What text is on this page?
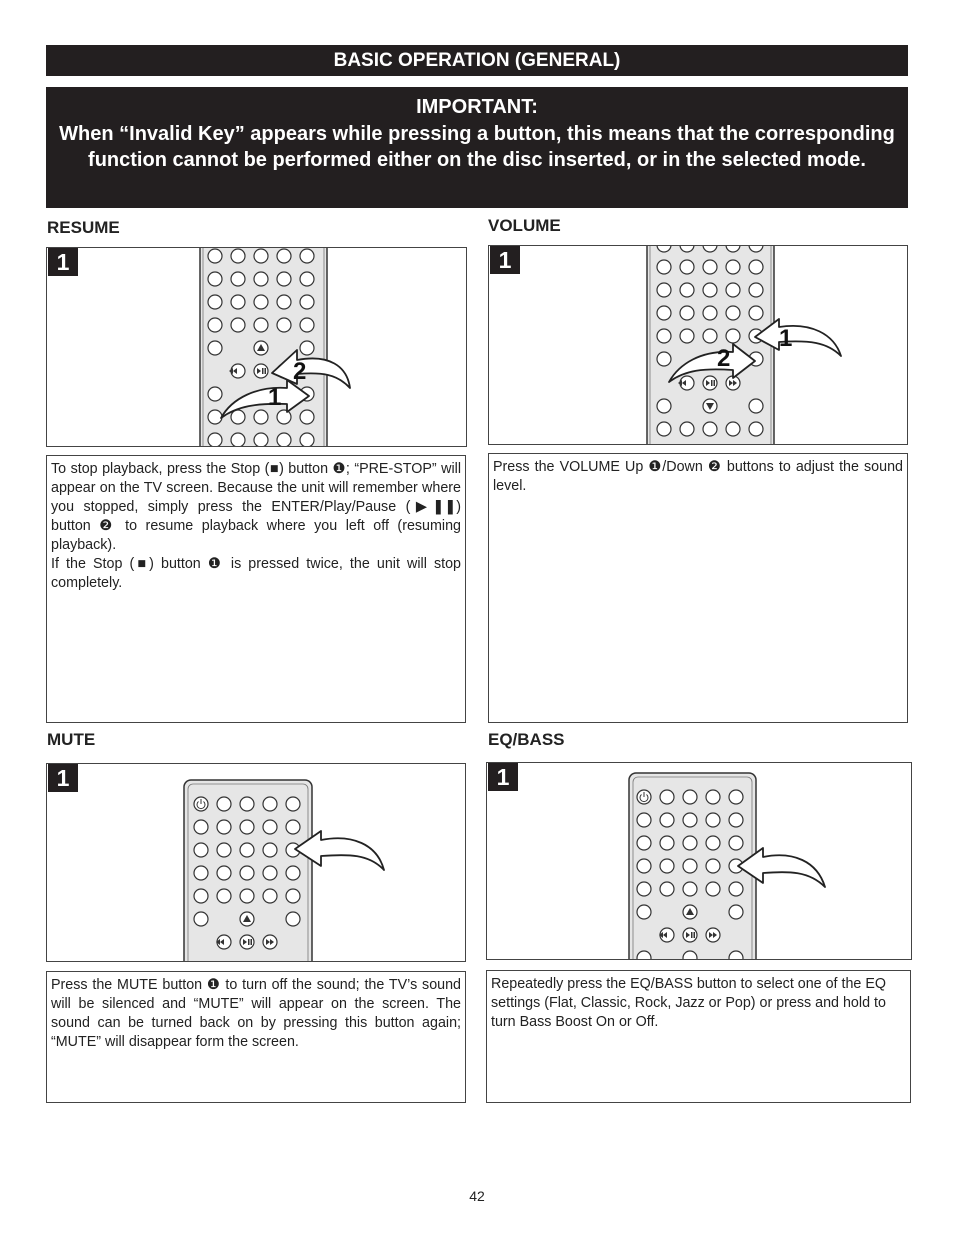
BASIC OPERATION (GENERAL)
IMPORTANT:
When “Invalid Key” appears while pressing a button, this means that the corresponding function cannot be performed either on the disc inserted, or in the selected mode.
RESUME
1
2
1

To stop playback, press the Stop (■) button ❶; “PRE-STOP” will appear on the TV screen. Because the unit will remember where you stopped, simply press the ENTER/Play/Pause (▶❚❚) button ❷ to resume playback where you left off (resuming playback).

If the Stop (■) button ❶ is pressed twice, the unit will stop completely.

VOLUME
1
1
2

Press the VOLUME Up ❶/Down ❷ buttons to adjust the sound level.

MUTE
1

Press the MUTE button ❶ to turn off the sound; the TV’s sound will be silenced and “MUTE” will appear on the screen. The sound can be turned back on by pressing this button again; “MUTE” will disappear form the screen.

EQ/BASS
1

Repeatedly press the EQ/BASS button to select one of the EQ settings (Flat, Classic, Rock, Jazz or Pop) or press and hold to turn Bass Boost On or Off.

42
